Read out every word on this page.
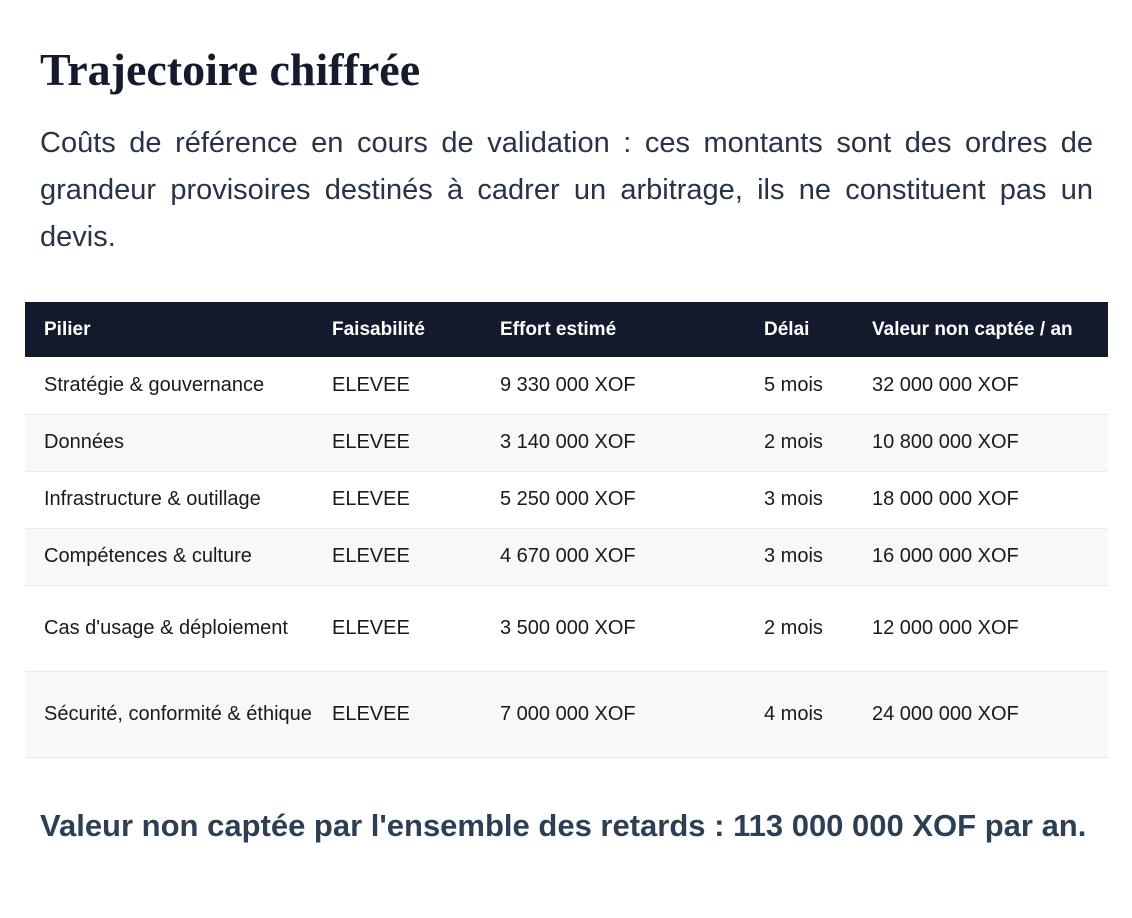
Trajectoire chiffrée

Coûts de référence en cours de validation : ces montants sont des ordres de grandeur provisoires destinés à cadrer un arbitrage, ils ne constituent pas un devis.

Pilier	Faisabilité	Effort estimé	Délai	Valeur non captée / an
Stratégie & gouvernance	ELEVEE	9 330 000 XOF	5 mois	32 000 000 XOF
Données	ELEVEE	3 140 000 XOF	2 mois	10 800 000 XOF
Infrastructure & outillage	ELEVEE	5 250 000 XOF	3 mois	18 000 000 XOF
Compétences & culture	ELEVEE	4 670 000 XOF	3 mois	16 000 000 XOF
Cas d'usage & déploiement	ELEVEE	3 500 000 XOF	2 mois	12 000 000 XOF
Sécurité, conformité & éthique	ELEVEE	7 000 000 XOF	4 mois	24 000 000 XOF

Valeur non captée par l'ensemble des retards : 113 000 000 XOF par an.
